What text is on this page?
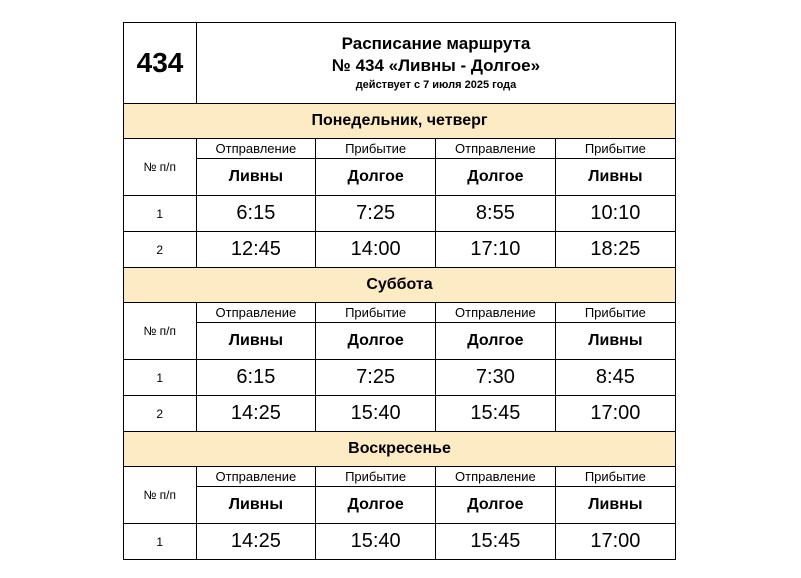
434
Расписание маршрута
№ 434 «Ливны - Долгое»
действует с 7 июля 2025 года
Понедельник, четверг
№ п/п	Отправление	Прибытие	Отправление	Прибытие
	Ливны	Долгое	Долгое	Ливны
1	6:15	7:25	8:55	10:10
2	12:45	14:00	17:10	18:25
Суббота
№ п/п	Отправление	Прибытие	Отправление	Прибытие
	Ливны	Долгое	Долгое	Ливны
1	6:15	7:25	7:30	8:45
2	14:25	15:40	15:45	17:00
Воскресенье
№ п/п	Отправление	Прибытие	Отправление	Прибытие
	Ливны	Долгое	Долгое	Ливны
1	14:25	15:40	15:45	17:00
